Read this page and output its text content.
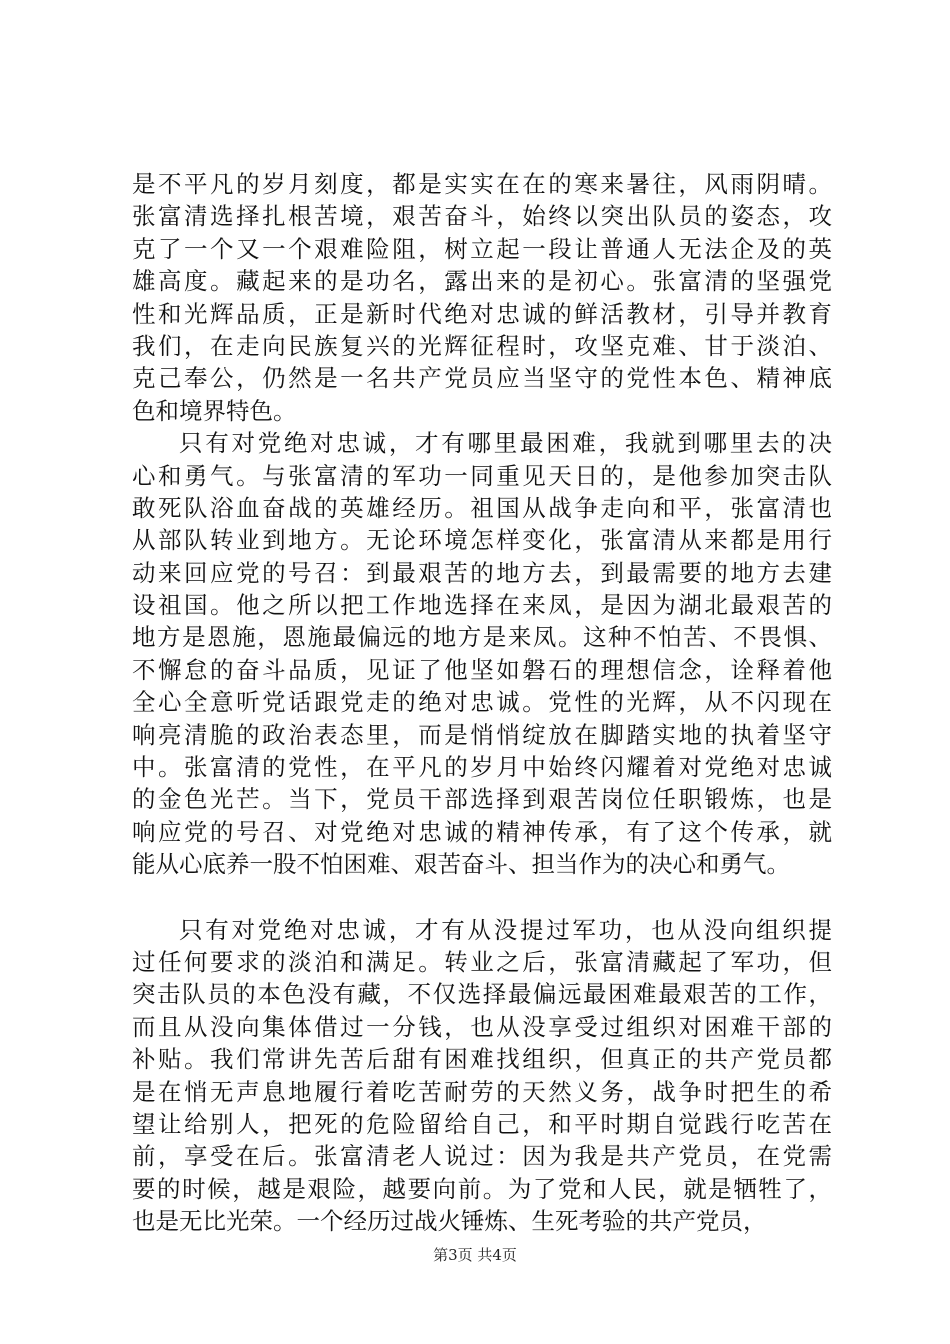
是不平凡的岁月刻度，都是实实在在的寒来暑往，风雨阴晴。
张富清选择扎根苦境，艰苦奋斗，始终以突出队员的姿态，攻
克了一个又一个艰难险阻，树立起一段让普通人无法企及的英
雄高度。藏起来的是功名，露出来的是初心。张富清的坚强党
性和光辉品质，正是新时代绝对忠诚的鲜活教材，引导并教育
我们，在走向民族复兴的光辉征程时，攻坚克难、甘于淡泊、
克己奉公，仍然是一名共产党员应当坚守的党性本色、精神底
色和境界特色。
只有对党绝对忠诚，才有哪里最困难，我就到哪里去的决
心和勇气。与张富清的军功一同重见天日的，是他参加突击队
敢死队浴血奋战的英雄经历。祖国从战争走向和平，张富清也
从部队转业到地方。无论环境怎样变化，张富清从来都是用行
动来回应党的号召：到最艰苦的地方去，到最需要的地方去建
设祖国。他之所以把工作地选择在来凤，是因为湖北最艰苦的
地方是恩施，恩施最偏远的地方是来凤。这种不怕苦、不畏惧、
不懈怠的奋斗品质，见证了他坚如磐石的理想信念，诠释着他
全心全意听党话跟党走的绝对忠诚。党性的光辉，从不闪现在
响亮清脆的政治表态里，而是悄悄绽放在脚踏实地的执着坚守
中。张富清的党性，在平凡的岁月中始终闪耀着对党绝对忠诚
的金色光芒。当下，党员干部选择到艰苦岗位任职锻炼，也是
响应党的号召、对党绝对忠诚的精神传承，有了这个传承，就
能从心底养一股不怕困难、艰苦奋斗、担当作为的决心和勇气。
只有对党绝对忠诚，才有从没提过军功，也从没向组织提
过任何要求的淡泊和满足。转业之后，张富清藏起了军功，但
突击队员的本色没有藏，不仅选择最偏远最困难最艰苦的工作，
而且从没向集体借过一分钱，也从没享受过组织对困难干部的
补贴。我们常讲先苦后甜有困难找组织，但真正的共产党员都
是在悄无声息地履行着吃苦耐劳的天然义务，战争时把生的希
望让给别人，把死的危险留给自己，和平时期自觉践行吃苦在
前，享受在后。张富清老人说过：因为我是共产党员，在党需
要的时候，越是艰险，越要向前。为了党和人民，就是牺牲了，
也是无比光荣。一个经历过战火锤炼、生死考验的共产党员，
第3页 共4页
